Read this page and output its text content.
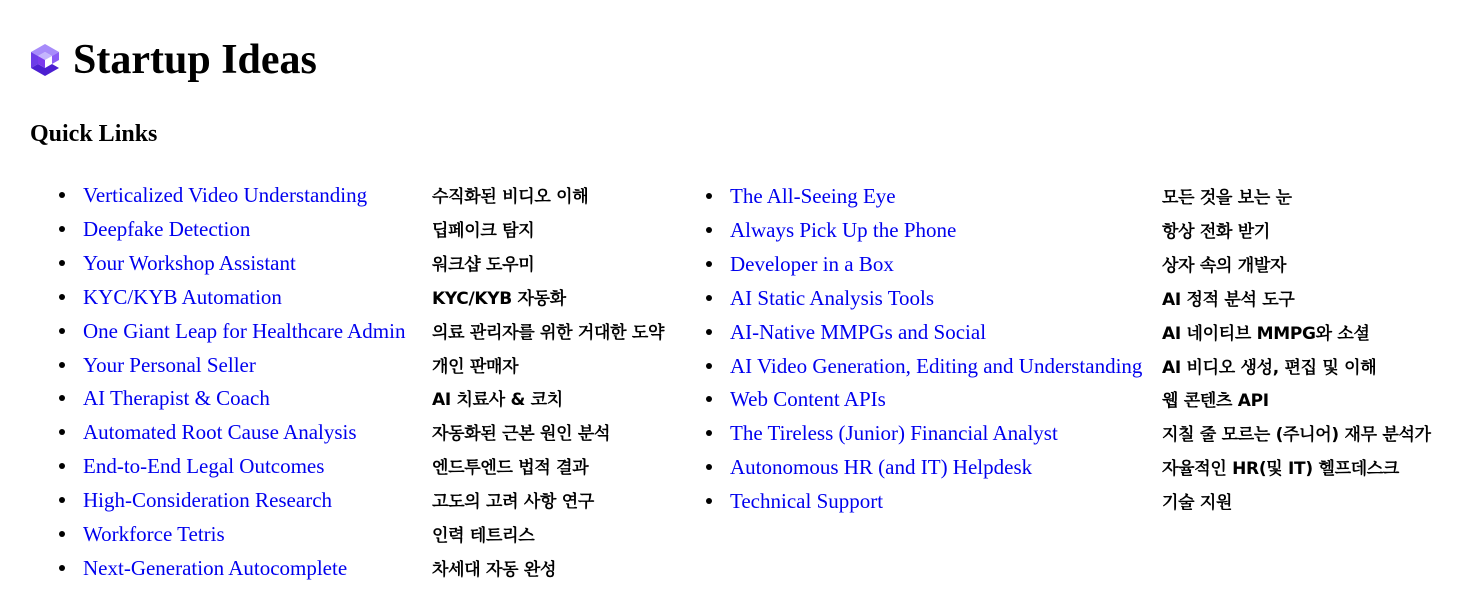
Startup Ideas
Quick Links
Verticalized Video Understanding	수직화된 비디오 이해
Deepfake Detection	딥페이크 탐지
Your Workshop Assistant	워크샵 도우미
KYC/KYB Automation	KYC/KYB 자동화
One Giant Leap for Healthcare Admin 의료 관리자를 위한 거대한 도약
Your Personal Seller	개인 판매자
AI Therapist & Coach	AI 치료사 & 코치
Automated Root Cause Analysis	자동화된 근본 원인 분석
End-to-End Legal Outcomes	엔드투엔드 법적 결과
High-Consideration Research	고도의 고려 사항 연구
Workforce Tetris	인력 테트리스
Next-Generation Autocomplete	차세대 자동 완성
The All-Seeing Eye	모든 것을 보는 눈
Always Pick Up the Phone	항상 전화 받기
Developer in a Box	상자 속의 개발자
AI Static Analysis Tools	AI 정적 분석 도구
AI-Native MMPGs and Social	AI 네이티브 MMPG와 소셜
AI Video Generation, Editing and Understanding AI 비디오 생성, 편집 및 이해
Web Content APIs	웹 콘텐츠 API
The Tireless (Junior) Financial Analyst	지칠 줄 모르는 (주니어) 재무 분석가
Autonomous HR (and IT) Helpdesk	자율적인 HR(및 IT) 헬프데스크
Technical Support	기술 지원
